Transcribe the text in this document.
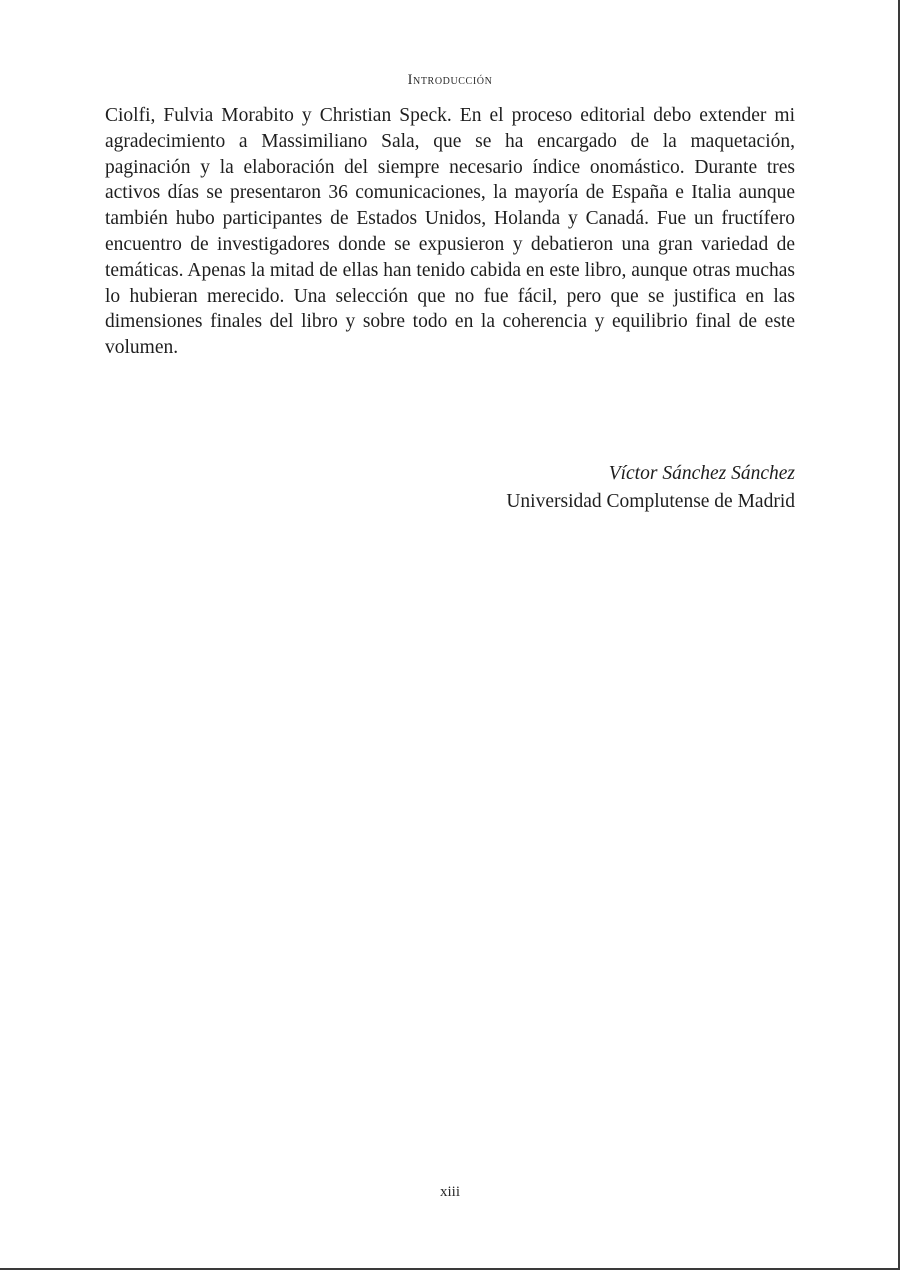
Introducción

Ciolfi, Fulvia Morabito y Christian Speck. En el proceso editorial debo extender mi agradecimiento a Massimiliano Sala, que se ha encargado de la maquetación, paginación y la elaboración del siempre necesario índice onomástico. Durante tres activos días se presentaron 36 comunicaciones, la mayoría de España e Italia aunque también hubo participantes de Estados Unidos, Holanda y Canadá. Fue un fructífero encuentro de investigadores donde se expusieron y debatieron una gran variedad de temáticas. Apenas la mitad de ellas han tenido cabida en este libro, aunque otras muchas lo hubieran merecido. Una selección que no fue fácil, pero que se justifica en las dimensiones finales del libro y sobre todo en la coherencia y equilibrio final de este volumen.

Víctor Sánchez Sánchez
Universidad Complutense de Madrid
xiii
